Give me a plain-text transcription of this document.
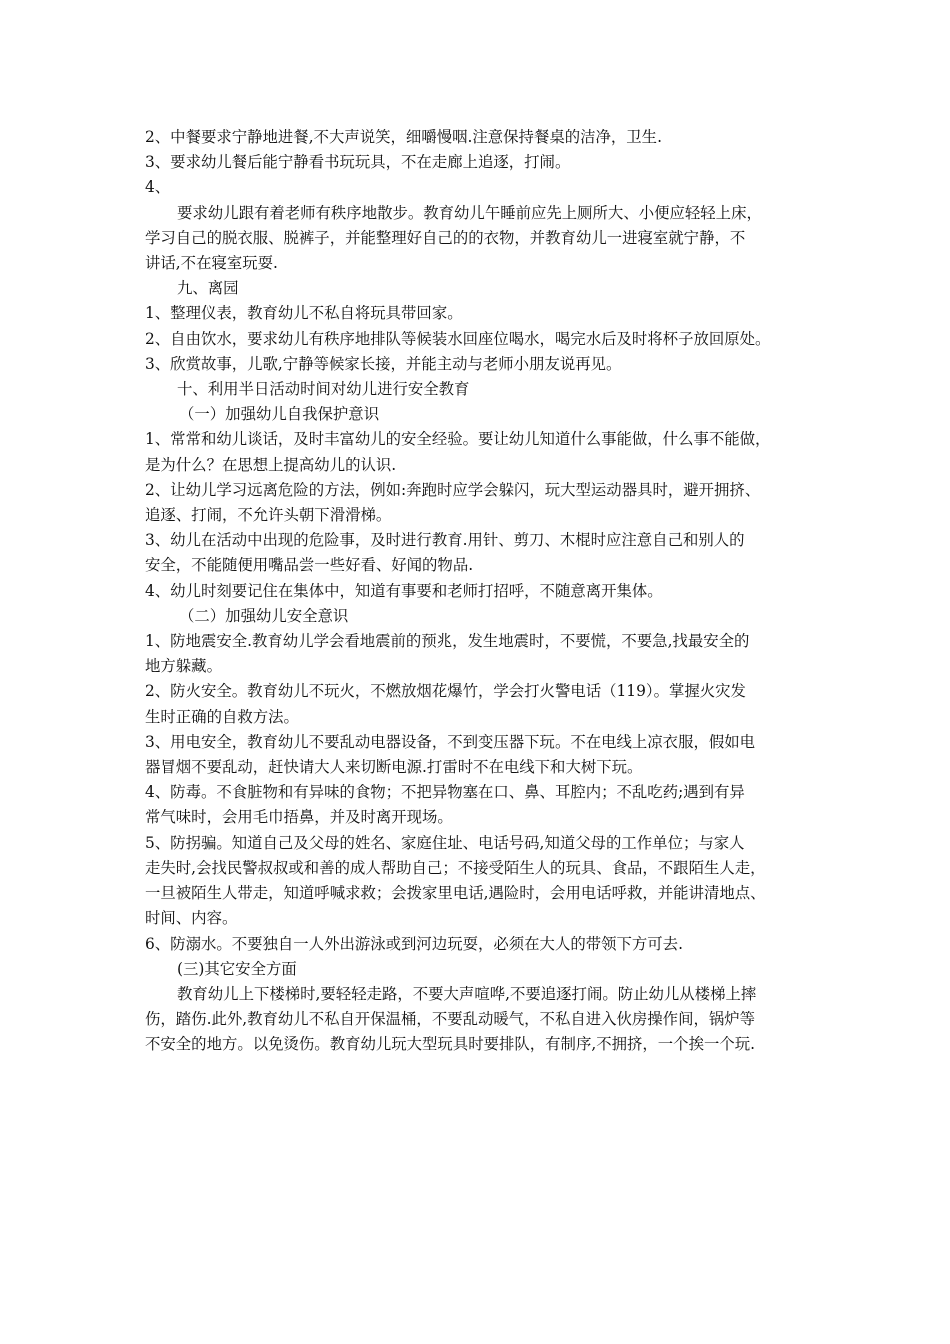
2、中餐要求宁静地进餐,不大声说笑，细嚼慢咽.注意保持餐桌的洁净，卫生.
3、要求幼儿餐后能宁静看书玩玩具，不在走廊上追逐，打闹。
4、
要求幼儿跟有着老师有秩序地散步。教育幼儿午睡前应先上厕所大、小便应轻轻上床，
学习自己的脱衣服、脱裤子，并能整理好自己的的衣物，并教育幼儿一进寝室就宁静，不
讲话,不在寝室玩耍.
九、离园
1、整理仪表，教育幼儿不私自将玩具带回家。
2、自由饮水，要求幼儿有秩序地排队等候装水回座位喝水，喝完水后及时将杯子放回原处。
3、欣赏故事，儿歌,宁静等候家长接，并能主动与老师小朋友说再见。
十、利用半日活动时间对幼儿进行安全教育
（一）加强幼儿自我保护意识
1、常常和幼儿谈话，及时丰富幼儿的安全经验。要让幼儿知道什么事能做，什么事不能做，
是为什么？在思想上提高幼儿的认识.
2、让幼儿学习远离危险的方法，例如:奔跑时应学会躲闪，玩大型运动器具时，避开拥挤、
追逐、打闹，不允许头朝下滑滑梯。
3、幼儿在活动中出现的危险事，及时进行教育.用针、剪刀、木棍时应注意自己和别人的
安全，不能随便用嘴品尝一些好看、好闻的物品.
4、幼儿时刻要记住在集体中，知道有事要和老师打招呼，不随意离开集体。
（二）加强幼儿安全意识
1、防地震安全.教育幼儿学会看地震前的预兆，发生地震时，不要慌，不要急,找最安全的
地方躲藏。
2、防火安全。教育幼儿不玩火，不燃放烟花爆竹，学会打火警电话（119）。掌握火灾发
生时正确的自救方法。
3、用电安全，教育幼儿不要乱动电器设备，不到变压器下玩。不在电线上凉衣服，假如电
器冒烟不要乱动，赶快请大人来切断电源.打雷时不在电线下和大树下玩。
4、防毒。不食脏物和有异味的食物；不把异物塞在口、鼻、耳腔内；不乱吃药;遇到有异
常气味时，会用毛巾捂鼻，并及时离开现场。
5、防拐骗。知道自己及父母的姓名、家庭住址、电话号码,知道父母的工作单位；与家人
走失时,会找民警叔叔或和善的成人帮助自己；不接受陌生人的玩具、食品，不跟陌生人走，
一旦被陌生人带走，知道呼喊求救；会拨家里电话,遇险时，会用电话呼救，并能讲清地点、
时间、内容。
6、防溺水。不要独自一人外出游泳或到河边玩耍，必须在大人的带领下方可去.
(三)其它安全方面
教育幼儿上下楼梯时,要轻轻走路，不要大声喧哗,不要追逐打闹。防止幼儿从楼梯上摔
伤，踏伤.此外,教育幼儿不私自开保温桶，不要乱动暖气，不私自进入伙房操作间，锅炉等
不安全的地方。以免烫伤。教育幼儿玩大型玩具时要排队，有制序,不拥挤，一个挨一个玩.
